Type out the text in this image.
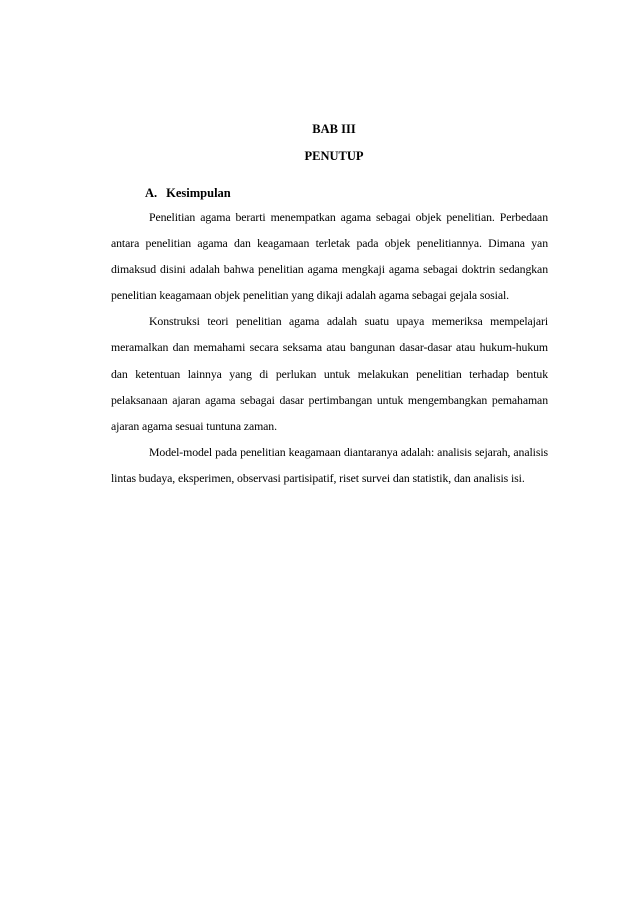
BAB III
PENUTUP
A. Kesimpulan

Penelitian agama berarti menempatkan agama sebagai objek penelitian. Perbedaan antara penelitian agama dan keagamaan terletak pada objek penelitiannya. Dimana yan dimaksud disini adalah bahwa penelitian agama mengkaji agama sebagai doktrin sedangkan penelitian keagamaan objek penelitian yang dikaji adalah agama sebagai gejala sosial.

Konstruksi teori penelitian agama adalah suatu upaya memeriksa mempelajari meramalkan dan memahami secara seksama atau bangunan dasar-dasar atau hukum-hukum dan ketentuan lainnya yang di perlukan untuk melakukan penelitian terhadap bentuk pelaksanaan ajaran agama sebagai dasar pertimbangan untuk mengembangkan pemahaman ajaran agama sesuai tuntuna zaman.

Model-model pada penelitian keagamaan diantaranya adalah: analisis sejarah, analisis lintas budaya, eksperimen, observasi partisipatif, riset survei dan statistik, dan analisis isi.
